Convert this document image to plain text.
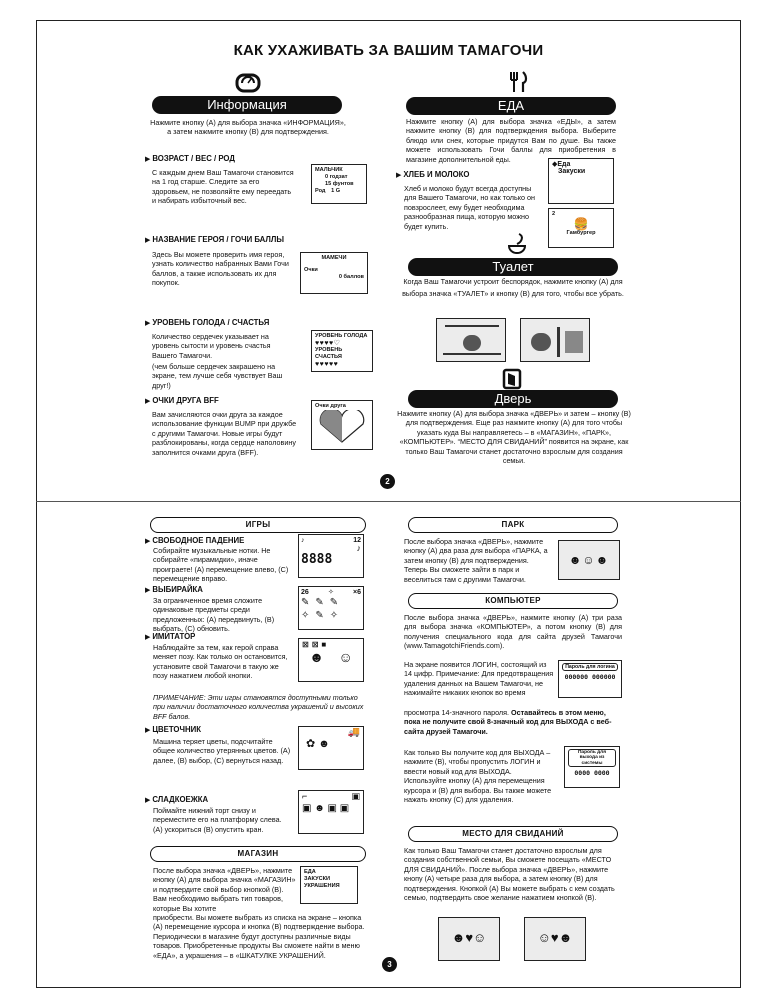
КАК УХАЖИВАТЬ ЗА ВАШИМ ТАМАГОЧИ
Информация
Нажмите кнопку (А) для выбора значка «ИНФОРМАЦИЯ», а затем нажмите кнопку (В) для подтверждения.
▶ ВОЗРАСТ / ВЕС / РОД
С каждым днем Ваш Тамагочи становится на 1 год старше. Следите за его здоровьем, не позволяйте ему переедать и набирать избыточный вес.
МАЛЬЧИК
0 годзат
15 фунтов
Род 1 G
▶ НАЗВАНИЕ ГЕРОЯ / ГОЧИ БАЛЛЫ
Здесь Вы можете проверить имя героя, узнать количество набранных Вами Гочи баллов, а также использовать их для покупок.
МАМЕЧИ
Очки
0 баллов
▶ УРОВЕНЬ ГОЛОДА / СЧАСТЬЯ
Количество сердечек указывает на уровень сытости и уровень счастья Вашего Тамагочи.
(чем больше сердечек закрашено на экране, тем лучше себя чувствует Ваш друг!)
УРОВЕНЬ ГОЛОДА
♥♥♥♥♡
УРОВЕНЬ СЧАСТЬЯ
♥♥♥♥♥
▶ ОЧКИ ДРУГА BFF
Вам зачисляются очки друга за каждое использование функции BUMP при дружбе с другими Тамагочи. Новые игры будут разблокированы, когда сердце наполовину заполнится очками друга (BFF).
Очки друга
ЕДА
Нажмите кнопку (А) для выбора значка «ЕДЫ», а затем нажмите кнопку (В) для подтверждения выбора. Выберите блюдо или снек, которые придутся Вам по душе. Вы также можете использовать Гочи баллы для приобретения в магазине дополнительной еды.
▶ ХЛЕБ И МОЛОКО
Хлеб и молоко будут всегда доступны для Вашего Тамагочи, но как только он повзрослеет, ему будет необходима разнообразная пища, которую можно будет купить.
◆Еда
Закуски
2
🍔
Гамбургер
Туалет
Когда Ваш Тамагочи устроит беспорядок, нажмите кнопку (А) для выбора значка «ТУАЛЕТ» и кнопку (В) для того, чтобы все убрать.
Дверь
Нажмите кнопку (А) для выбора значка «ДВЕРЬ» и затем – кнопку (В) для подтверждения. Еще раз нажмите кнопку (А) для того чтобы указать куда Вы направляетесь – в «МАГАЗИН», «ПАРК», «КОМПЬЮТЕР». “МЕСТО ДЛЯ СВИДАНИЙ” появится на экране, как только Ваш Тамагочи станет достаточно взрослым для создания семьи.
2
ИГРЫ
▶ СВОБОДНОЕ ПАДЕНИЕ
Собирайте музыкальные нотки. Не собирайте «пирамидки», иначе проиграете! (А) перемещение влево, (С) перемещение вправо.
♪	12
♪
8888
▶ ВЫБИРАЙКА
За ограниченное время сложите одинаковые предметы среди предложенных: (А) передвинуть, (В) выбрать, (С) обновить.
26	✧	×6
✎✎✎
✧✎✧
▶ ИМИТАТОР
Наблюдайте за тем, как герой справа меняет позу. Как только он остановится, установите свой Тамагочи в такую же позу нажатием любой кнопки.
⊠⊠■
☻ ☺
ПРИМЕЧАНИЕ: Эти игры становятся доступными только при наличии достаточного количества украшений и высоких BFF балов.
▶ ЦВЕТОЧНИК
Машина теряет цветы, подсчитайте общее количество утерянных цветов. (А) далее, (В) выбор, (С) вернуться назад.
🚚
✿ ☻
▶ СЛАДКОЕЖКА
Поймайте нижний торт снизу и переместите его на платформу слева. (А) ускориться (В) опустить кран.
⌐	▣
▣ ☻ ▣ ▣
МАГАЗИН
После выбора значка «ДВЕРЬ», нажмите кнопку (А) для выбора значка «МАГАЗИН» и подтвердите свой выбор кнопкой (В). Вам необходимо выбрать тип товаров, которые Вы хотите
ЕДА
ЗАКУСКИ
УКРАШЕНИЯ
приобрести. Вы можете выбрать из списка на экране – кнопка (А) перемещение курсора и кнопка (В) подтверждение выбора. Периодически в магазине будут доступны различные виды товаров. Приобретенные продукты Вы сможете найти в меню «ЕДА», а украшения – в «ШКАТУЛКЕ УКРАШЕНИЙ.
3
ПАРК
После выбора значка «ДВЕРЬ», нажмите кнопку (А) два раза для выбора «ПАРКА, а затем кнопку (В) для подтверждения. Теперь Вы сможете зайти в парк и веселиться там с другими Тамагочи.
☻☺☻
КОМПЬЮТЕР
После выбора значка «ДВЕРЬ», нажмите кнопку (А) три раза для выбора значка «КОМПЬЮТЕР», а потом кнопку (В) для получения специального кода для сайта друзей Тамагочи (www.TamagotchiFriends.com).
На экране появится ЛОГИН, состоящий из 14 цифр. Примечание: Для предотвращения удаления данных на Вашем Тамагочи, не нажимайте никаких кнопок во время
Пароль для логина
000000 000000
просмотра 14-значного пароля. Оставайтесь в этом меню, пока не получите свой 8-значный код для ВЫХОДА с веб-сайта друзей Тамагочи.
Как только Вы получите код для ВЫХОДА – нажмите (В), чтобы пропустить ЛОГИН и ввести новый код для ВЫХОДА. Используйте кнопку (А) для перемещения курсора и (В) для выбора. Вы также можете нажать кнопку (С) для удаления.
Пароль для выхода из системы
0000 0000
МЕСТО ДЛЯ СВИДАНИЙ
Как только Ваш Тамагочи станет достаточно взрослым для создания собственной семьи, Вы сможете посещать «МЕСТО ДЛЯ СВИДАНИЙ». После выбора значка «ДВЕРЬ», нажмите кнопу (А) четыре раза для выбора, а затем кнопку (В) для подтверждения. Кнопкой (А) Вы можете выбрать с кем создать семью, подтвердить свое желание нажатием кнопкой (В).
☻♥☺	☺♥☻
